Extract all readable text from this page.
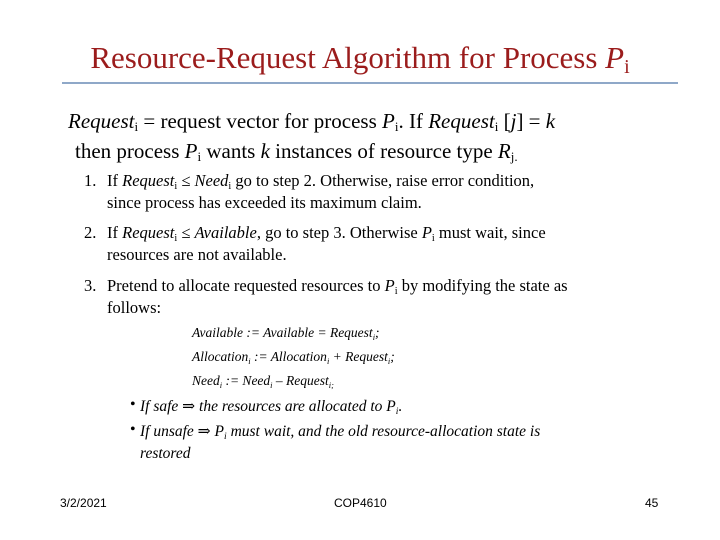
Resource-Request Algorithm for Process $P_i$
Request$_i$ = request vector for process $P_i$. If Request$_i$ [j] = k
then process $P_i$ wants k instances of resource type $R_{j.}$
1. If Request$_i$ ≤ Need$_i$ go to step 2. Otherwise, raise error condition,
since process has exceeded its maximum claim.
2. If Request$_i$ ≤ Available, go to step 3. Otherwise $P_i$ must wait, since
resources are not available.
3. Pretend to allocate requested resources to $P_i$ by modifying the state as
follows:
Available := Available = Request$_i$;
Allocation$_i$ := Allocation$_i$ + Request$_i$;
Need$_i$ := Need$_i$ – Request$_{i;}$
• If safe ⇒ the resources are allocated to $P_i$.
• If unsafe ⇒ $P_i$ must wait, and the old resource-allocation state is
restored
3/2/2021	COP4610	45
